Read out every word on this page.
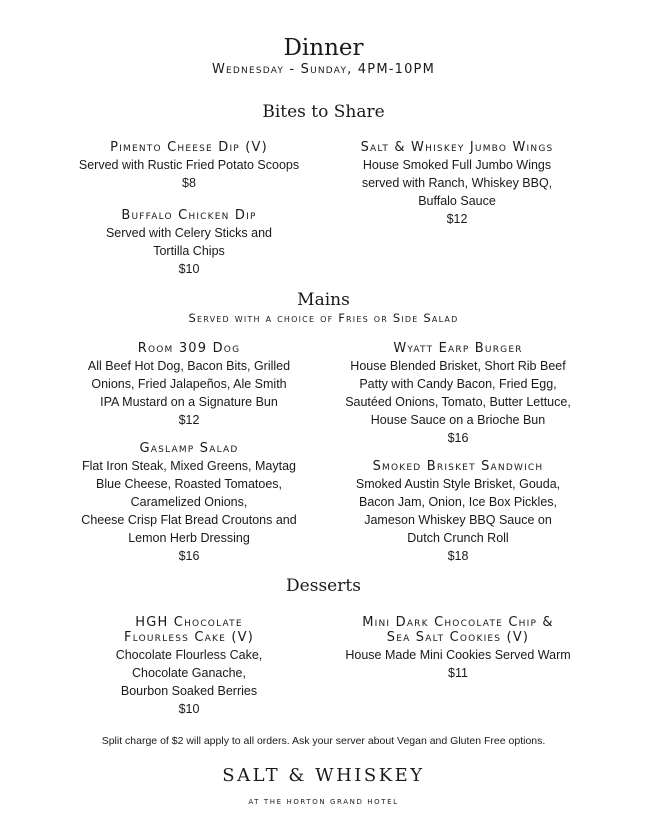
Dinner
Wednesday - Sunday, 4PM-10PM
Bites to Share
Pimento Cheese Dip (V)
Served with Rustic Fried Potato Scoops
$8
Salt & Whiskey Jumbo Wings
House Smoked Full Jumbo Wings
served with Ranch, Whiskey BBQ,
Buffalo Sauce
$12
Buffalo Chicken Dip
Served with Celery Sticks and
Tortilla Chips
$10
Mains
Served with a choice of Fries or Side Salad
Room 309 Dog
All Beef Hot Dog, Bacon Bits, Grilled
Onions, Fried Jalapeños, Ale Smith
IPA Mustard on a Signature Bun
$12
Wyatt Earp Burger
House Blended Brisket, Short Rib Beef
Patty with Candy Bacon, Fried Egg,
Sautéed Onions, Tomato, Butter Lettuce,
House Sauce on a Brioche Bun
$16
Gaslamp Salad
Flat Iron Steak, Mixed Greens, Maytag
Blue Cheese, Roasted Tomatoes,
Caramelized Onions,
Cheese Crisp Flat Bread Croutons and
Lemon Herb Dressing
$16
Smoked Brisket Sandwich
Smoked Austin Style Brisket, Gouda,
Bacon Jam, Onion, Ice Box Pickles,
Jameson Whiskey BBQ Sauce on
Dutch Crunch Roll
$18
Desserts
HGH Chocolate
Flourless Cake (V)
Chocolate Flourless Cake,
Chocolate Ganache,
Bourbon Soaked Berries
$10
Mini Dark Chocolate Chip &
Sea Salt Cookies (V)
House Made Mini Cookies Served Warm
$11
Split charge of $2 will apply to all orders. Ask your server about Vegan and Gluten Free options.
SALT & WHISKEY
AT THE HORTON GRAND HOTEL
